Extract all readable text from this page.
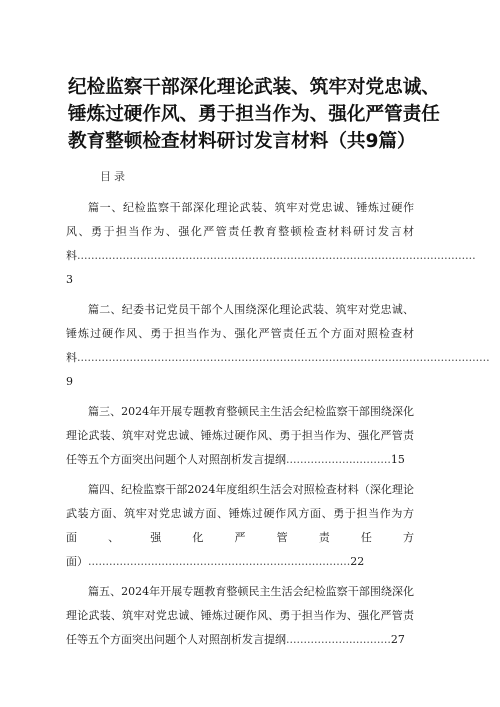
纪检监察干部深化理论武装、筑牢对党忠诚、锤炼过硬作风、勇于担当作为、强化严管责任教育整顿检查材料研讨发言材料（共9篇）
目录
篇一、纪检监察干部深化理论武装、筑牢对党忠诚、锤炼过硬作风、勇于担当作为、强化严管责任教育整顿检查材料研讨发言材料..................................................................................................................3
篇二、纪委书记党员干部个人围绕深化理论武装、筑牢对党忠诚、锤炼过硬作风、勇于担当作为、强化严管责任五个方面对照检查材料......................................................................................................................9
篇三、2024年开展专题教育整顿民主生活会纪检监察干部围绕深化理论武装、筑牢对党忠诚、锤炼过硬作风、勇于担当作为、强化严管责任等五个方面突出问题个人对照剖析发言提纲..............................15
篇四、纪检监察干部2024年度组织生活会对照检查材料（深化理论武装方面、筑牢对党忠诚方面、锤炼过硬作风方面、勇于担当作为方面、强化严管责任方面）...........................................................................22
篇五、2024年开展专题教育整顿民主生活会纪检监察干部围绕深化理论武装、筑牢对党忠诚、锤炼过硬作风、勇于担当作为、强化严管责任等五个方面突出问题个人对照剖析发言提纲..............................27
